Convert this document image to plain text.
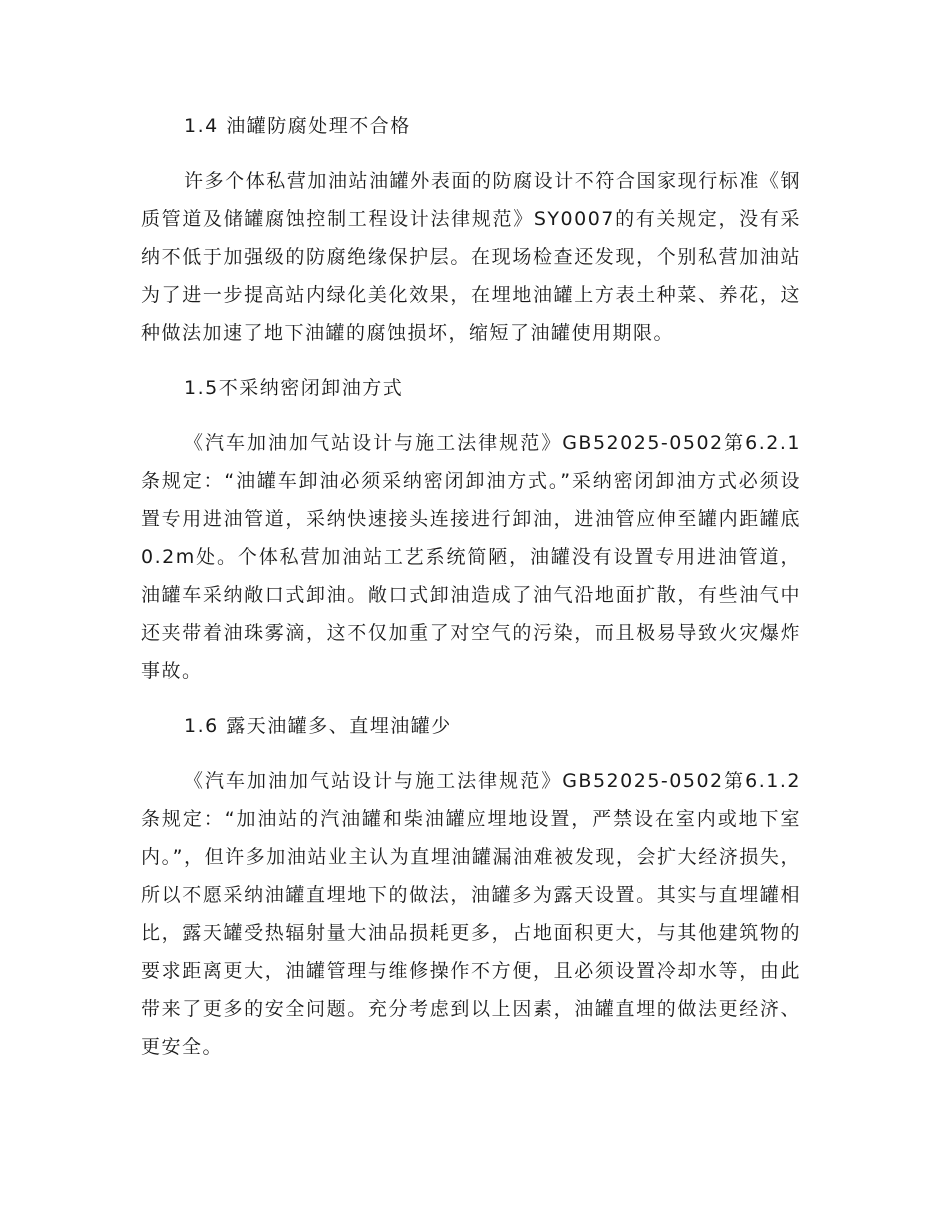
1.4 油罐防腐处理不合格
许多个体私营加油站油罐外表面的防腐设计不符合国家现行标准《钢质管道及储罐腐蚀控制工程设计法律规范》SY0007的有关规定，没有采纳不低于加强级的防腐绝缘保护层。在现场检查还发现，个别私营加油站为了进一步提高站内绿化美化效果，在埋地油罐上方表土种菜、养花，这种做法加速了地下油罐的腐蚀损坏，缩短了油罐使用期限。
1.5不采纳密闭卸油方式
《汽车加油加气站设计与施工法律规范》GB52025-0502第6.2.1条规定：“油罐车卸油必须采纳密闭卸油方式。”采纳密闭卸油方式必须设置专用进油管道，采纳快速接头连接进行卸油，进油管应伸至罐内距罐底0.2m处。个体私营加油站工艺系统简陋，油罐没有设置专用进油管道，油罐车采纳敞口式卸油。敞口式卸油造成了油气沿地面扩散，有些油气中还夹带着油珠雾滴，这不仅加重了对空气的污染，而且极易导致火灾爆炸事故。
1.6 露天油罐多、直埋油罐少
《汽车加油加气站设计与施工法律规范》GB52025-0502第6.1.2条规定：“加油站的汽油罐和柴油罐应埋地设置，严禁设在室内或地下室内。”，但许多加油站业主认为直埋油罐漏油难被发现，会扩大经济损失，所以不愿采纳油罐直埋地下的做法，油罐多为露天设置。其实与直埋罐相比，露天罐受热辐射量大油品损耗更多，占地面积更大，与其他建筑物的要求距离更大，油罐管理与维修操作不方便，且必须设置冷却水等，由此带来了更多的安全问题。充分考虑到以上因素，油罐直埋的做法更经济、更安全。
